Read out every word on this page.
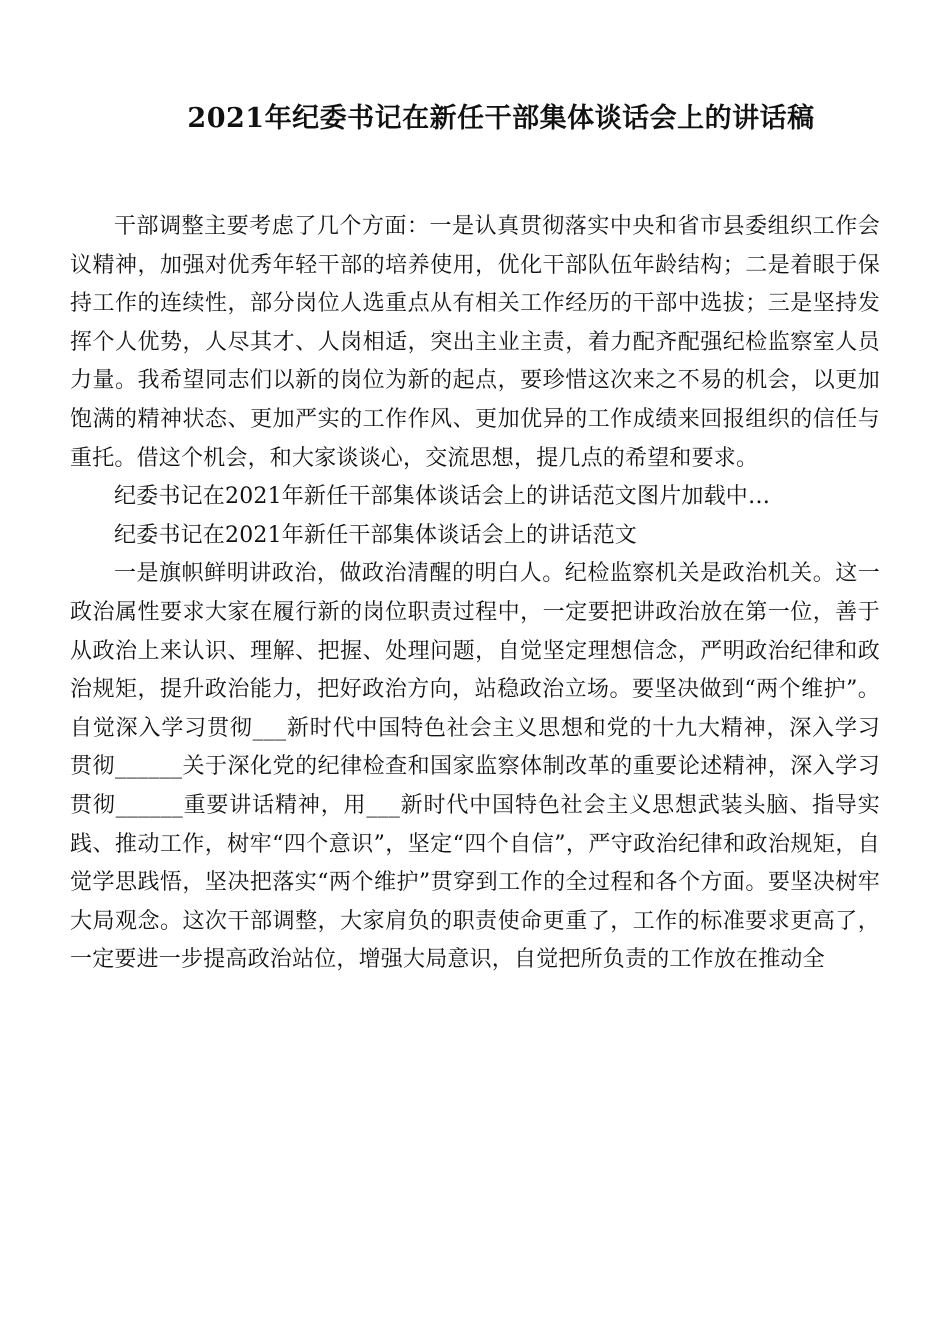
2021年纪委书记在新任干部集体谈话会上的讲话稿

干部调整主要考虑了几个方面：一是认真贯彻落实中央和省市县委组织工作会议精神，加强对优秀年轻干部的培养使用，优化干部队伍年龄结构；二是着眼于保持工作的连续性，部分岗位人选重点从有相关工作经历的干部中选拔；三是坚持发挥个人优势，人尽其才、人岗相适，突出主业主责，着力配齐配强纪检监察室人员力量。我希望同志们以新的岗位为新的起点，要珍惜这次来之不易的机会，以更加饱满的精神状态、更加严实的工作作风、更加优异的工作成绩来回报组织的信任与重托。借这个机会，和大家谈谈心，交流思想，提几点的希望和要求。

纪委书记在2021年新任干部集体谈话会上的讲话范文图片加载中…

纪委书记在2021年新任干部集体谈话会上的讲话范文

一是旗帜鲜明讲政治，做政治清醒的明白人。纪检监察机关是政治机关。这一政治属性要求大家在履行新的岗位职责过程中，一定要把讲政治放在第一位，善于从政治上来认识、理解、把握、处理问题，自觉坚定理想信念，严明政治纪律和政治规矩，提升政治能力，把好政治方向，站稳政治立场。要坚决做到“两个维护”。自觉深入学习贯彻___新时代中国特色社会主义思想和党的十九大精神，深入学习贯彻______关于深化党的纪律检查和国家监察体制改革的重要论述精神，深入学习贯彻______重要讲话精神，用___新时代中国特色社会主义思想武装头脑、指导实践、推动工作，树牢“四个意识”，坚定“四个自信”，严守政治纪律和政治规矩，自觉学思践悟，坚决把落实“两个维护”贯穿到工作的全过程和各个方面。要坚决树牢大局观念。这次干部调整，大家肩负的职责使命更重了，工作的标准要求更高了，一定要进一步提高政治站位，增强大局意识，自觉把所负责的工作放在推动全
